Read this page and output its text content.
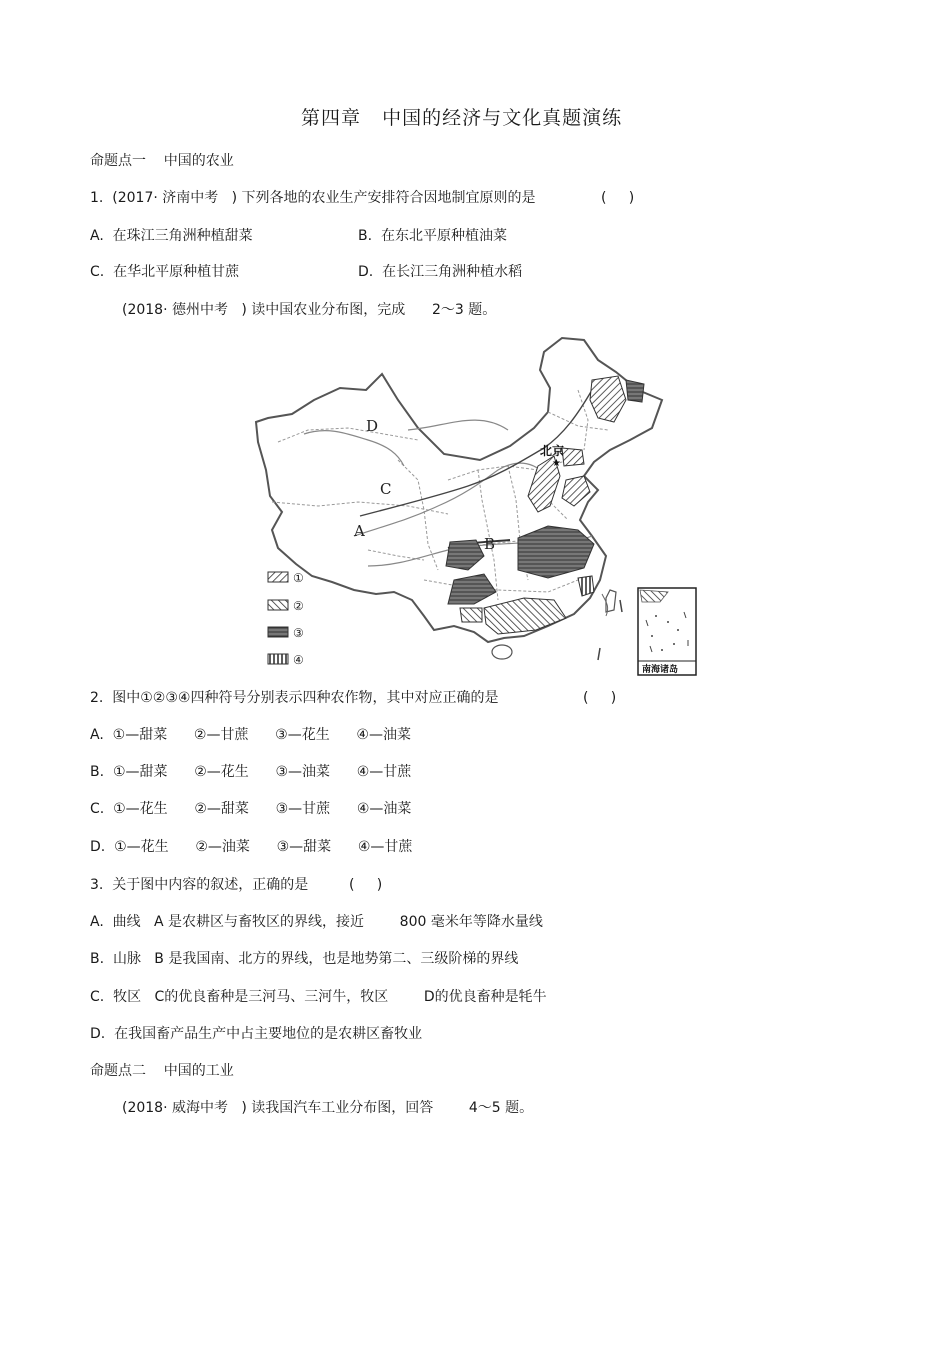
第四章   中国的经济与文化真题演练
命题点一    中国的农业
1.  (2017· 济南中考   ) 下列各地的农业生产安排符合因地制宜原则的是	(     )
A.  在珠江三角洲种植甜菜	B.  在东北平原种植油菜
C.  在华北平原种植甘蔗	D.  在长江三角洲种植水稻
(2018· 德州中考   ) 读中国农业分布图，完成      2～3 题。
D
C
A
B
北京
★
①
②
③
④
南海诸岛
2.  图中①②③④四种符号分别表示四种农作物，其中对应正确的是	(     )
A.  ①—甜菜      ②—甘蔗      ③—花生      ④—油菜
B.  ①—甜菜      ②—花生      ③—油菜      ④—甘蔗
C.  ①—花生      ②—甜菜      ③—甘蔗      ④—油菜
D.  ①—花生      ②—油菜      ③—甜菜      ④—甘蔗
3.  关于图中内容的叙述，正确的是	(     )
A.  曲线   A 是农耕区与畜牧区的界线，接近        800 毫米年等降水量线
B.  山脉   B 是我国南、北方的界线，也是地势第二、三级阶梯的界线
C.  牧区   C的优良畜种是三河马、三河牛，牧区        D的优良畜种是牦牛
D.  在我国畜产品生产中占主要地位的是农耕区畜牧业
命题点二    中国的工业
(2018· 威海中考   ) 读我国汽车工业分布图，回答        4～5 题。
